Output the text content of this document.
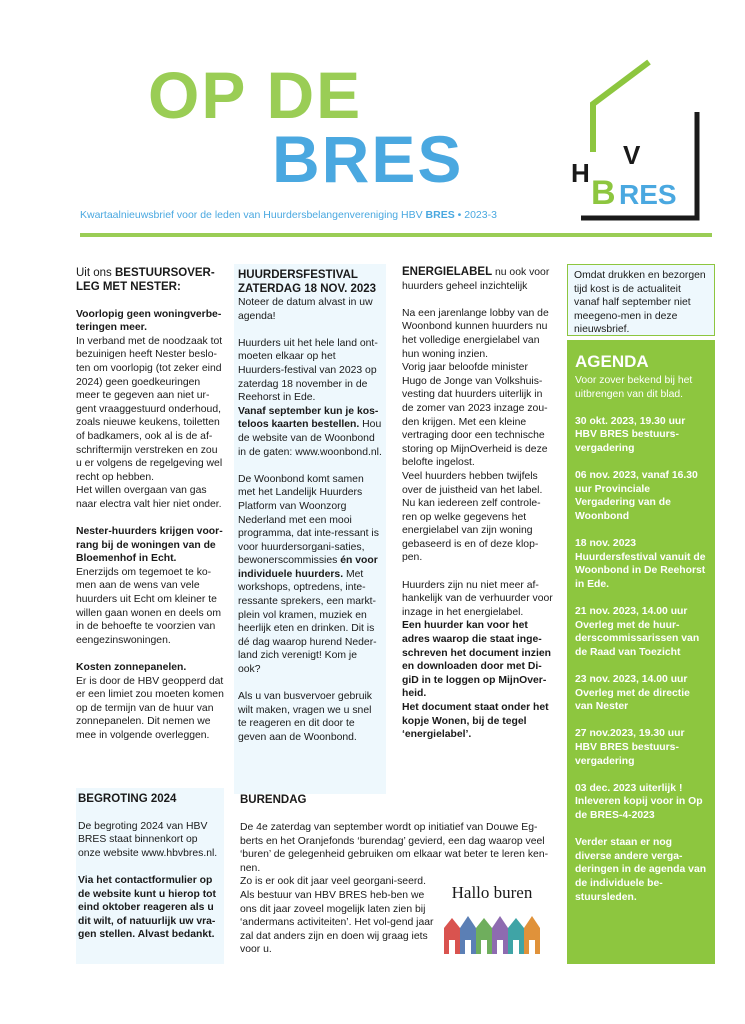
OP DE
BRES
Kwartaalnieuwsbrief voor de leden van Huurdersbelangenvereniging HBV BRES • 2023-3
H
V
B RES

Uit ons BESTUURSOVER-LEG MET NESTER:

Voorlopig geen woningverbe-teringen meer.

In verband met de noodzaak tot bezuinigen heeft Nester beslo-ten om voorlopig (tot zeker eind 2024) geen goedkeuringen meer te gegeven aan niet ur-gent vraaggestuurd onderhoud, zoals nieuwe keukens, toiletten of badkamers, ook al is de af-schriftermijn verstreken en zou u er volgens de regelgeving wel recht op hebben.

Het willen overgaan van gas naar electra valt hier niet onder.

Nester-huurders krijgen voor-rang bij de woningen van de Bloemenhof in Echt.

Enerzijds om tegemoet te ko-men aan de wens van vele huurders uit Echt om kleiner te willen gaan wonen en deels om in de behoefte te voorzien van eengezinswoningen.

Kosten zonnepanelen.

Er is door de HBV geopperd dat er een limiet zou moeten komen op de termijn van de huur van zonnepanelen. Dit nemen we mee in volgende overleggen.

BEGROTING 2024

De begroting 2024 van HBV BRES staat binnenkort op onze website www.hbvbres.nl.

Via het contactformulier op de website kunt u hierop tot eind oktober reageren als u dit wilt, of natuurlijk uw vra-gen stellen. Alvast bedankt.

HUURDERSFESTIVAL ZATERDAG 18 NOV. 2023

Noteer de datum alvast in uw agenda!

Huurders uit het hele land ont-moeten elkaar op het Huurders-festival van 2023 op zaterdag 18 november in de Reehorst in Ede.

Vanaf september kun je kos-teloos kaarten bestellen. Hou de website van de Woonbond in de gaten: www.woonbond.nl.

De Woonbond komt samen met het Landelijk Huurders Platform van Woonzorg Nederland met een mooi programma, dat inte-ressant is voor huurdersorgani-saties, bewonerscommissies én voor individuele huurders. Met workshops, optredens, inte-ressante sprekers, een markt-plein vol kramen, muziek en heerlijk eten en drinken. Dit is dé dag waarop hurend Neder-land zich verenigt! Kom je ook?

Als u van busvervoer gebruik wilt maken, vragen we u snel te reageren en dit door te geven aan de Woonbond.

ENERGIELABEL nu ook voor huurders geheel inzichtelijk

Na een jarenlange lobby van de Woonbond kunnen huurders nu het volledige energielabel van hun woning inzien.

Vorig jaar beloofde minister Hugo de Jonge van Volkshuis-vesting dat huurders uiterlijk in de zomer van 2023 inzage zou-den krijgen. Met een kleine vertraging door een technische storing op MijnOverheid is deze belofte ingelost.

Veel huurders hebben twijfels over de juistheid van het label. Nu kan iedereen zelf controle-ren op welke gegevens het energielabel van zijn woning gebaseerd is en of deze klop-pen.

Huurders zijn nu niet meer af-hankelijk van de verhuurder voor inzage in het energielabel.

Een huurder kan voor het adres waarop die staat inge-schreven het document inzien en downloaden door met Di-giD in te loggen op MijnOver-heid.

Het document staat onder het kopje Wonen, bij de tegel ‘energielabel’.

Omdat drukken en bezorgen tijd kost is de actualiteit vanaf half september niet meegeno-men in deze nieuwsbrief.
AGENDA

Voor zover bekend bij het uitbrengen van dit blad.

30 okt. 2023, 19.30 uur HBV BRES bestuurs-vergadering

06 nov. 2023, vanaf 16.30 uur Provinciale Vergadering van de Woonbond

18 nov. 2023 Huurdersfestival vanuit de Woonbond in De Reehorst in Ede.

21 nov. 2023, 14.00 uur Overleg met de huur-derscommissarissen van de Raad van Toezicht

23 nov. 2023, 14.00 uur Overleg met de directie van Nester

27 nov.2023, 19.30 uur HBV BRES bestuurs-vergadering

03 dec. 2023 uiterlijk ! Inleveren kopij voor in Op de BRES-4-2023

Verder staan er nog diverse andere verga-deringen in de agenda van de individuele be-stuursleden.

BURENDAG

De 4e zaterdag van september wordt op initiatief van Douwe Eg-berts en het Oranjefonds ‘burendag’ gevierd, een dag waarop veel ‘buren’ de gelegenheid gebruiken om elkaar wat beter te leren ken-nen.

Zo is er ook dit jaar veel georgani-seerd. Als bestuur van HBV BRES heb-ben we ons dit jaar zoveel mogelijk laten zien bij ‘andermans activiteiten’. Het vol-gend jaar zal dat anders zijn en doen wij graag iets voor u.

Hallo buren
